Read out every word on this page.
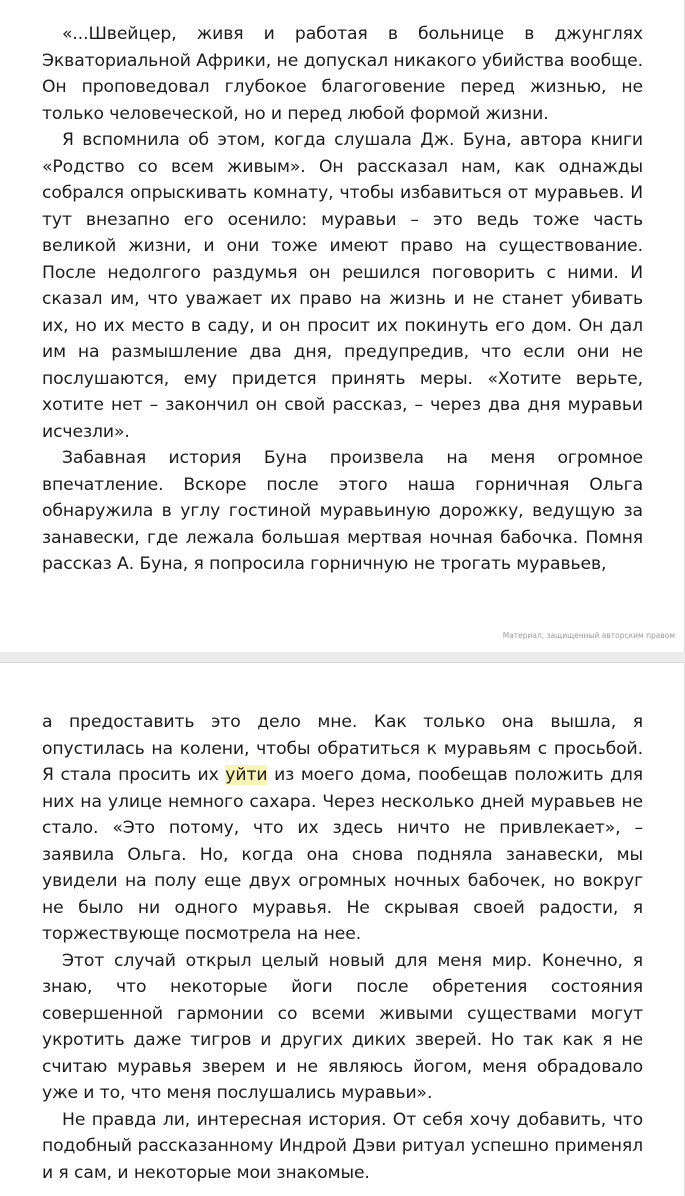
«...Швейцер, живя и работая в больнице в джунглях Экваториальной Африки, не допускал никакого убийства вообще. Он проповедовал глубокое благоговение перед жизнью, не только человеческой, но и перед любой формой жизни.

Я вспомнила об этом, когда слушала Дж. Буна, автора книги «Родство со всем живым». Он рассказал нам, как однажды собрался опрыскивать комнату, чтобы избавиться от муравьев. И тут внезапно его осенило: муравьи – это ведь тоже часть великой жизни, и они тоже имеют право на существование. После недолгого раздумья он решился поговорить с ними. И сказал им, что уважает их право на жизнь и не станет убивать их, но их место в саду, и он просит их покинуть его дом. Он дал им на размышление два дня, предупредив, что если они не послушаются, ему придется принять меры. «Хотите верьте, хотите нет – закончил он свой рассказ, – через два дня муравьи исчезли».

Забавная история Буна произвела на меня огромное впечатление. Вскоре после этого наша горничная Ольга обнаружила в углу гостиной муравьиную дорожку, ведущую за занавески, где лежала большая мертвая ночная бабочка. Помня рассказ А. Буна, я попросила горничную не трогать муравьев,

Материал, защищенный авторским правом

а предоставить это дело мне. Как только она вышла, я опустилась на колени, чтобы обратиться к муравьям с просьбой. Я стала просить их уйти из моего дома, пообещав положить для них на улице немного сахара. Через несколько дней муравьев не стало. «Это потому, что их здесь ничто не привлекает», – заявила Ольга. Но, когда она снова подняла занавески, мы увидели на полу еще двух огромных ночных бабочек, но вокруг не было ни одного муравья. Не скрывая своей радости, я торжествующе посмотрела на нее.

Этот случай открыл целый новый для меня мир. Конечно, я знаю, что некоторые йоги после обретения состояния совершенной гармонии со всеми живыми существами могут укротить даже тигров и других диких зверей. Но так как я не считаю муравья зверем и не являюсь йогом, меня обрадовало уже и то, что меня послушались муравьи».

Не правда ли, интересная история. От себя хочу добавить, что подобный рассказанному Индрой Дэви ритуал успешно применял и я сам, и некоторые мои знакомые.
